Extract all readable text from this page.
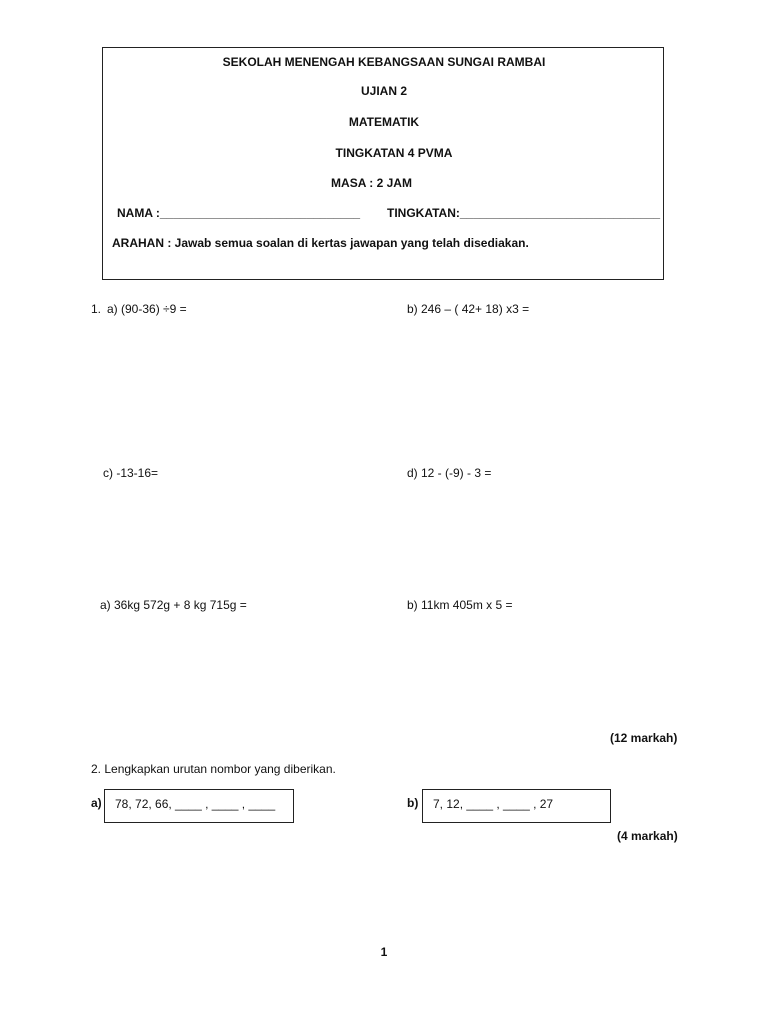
SEKOLAH MENENGAH KEBANGSAAN SUNGAI RAMBAI
UJIAN 2
MATEMATIK
TINGKATAN 4 PVMA
MASA : 2 JAM
NAMA :______________________________ TINGKATAN:______________________________
ARAHAN : Jawab semua soalan di kertas jawapan yang telah disediakan.
1. a) (90-36) ÷9 =	b) 246 – ( 42+ 18) x3 =
c) -13-16=	d) 12 - (-9) - 3 =
a) 36kg 572g + 8 kg 715g =	b) 11km 405m x 5 =
(12 markah)
2. Lengkapkan urutan nombor yang diberikan.
a)	78, 72, 66, ____ , ____ , ____	b)	7, 12, ____ , ____ , 27
(4 markah)
1
